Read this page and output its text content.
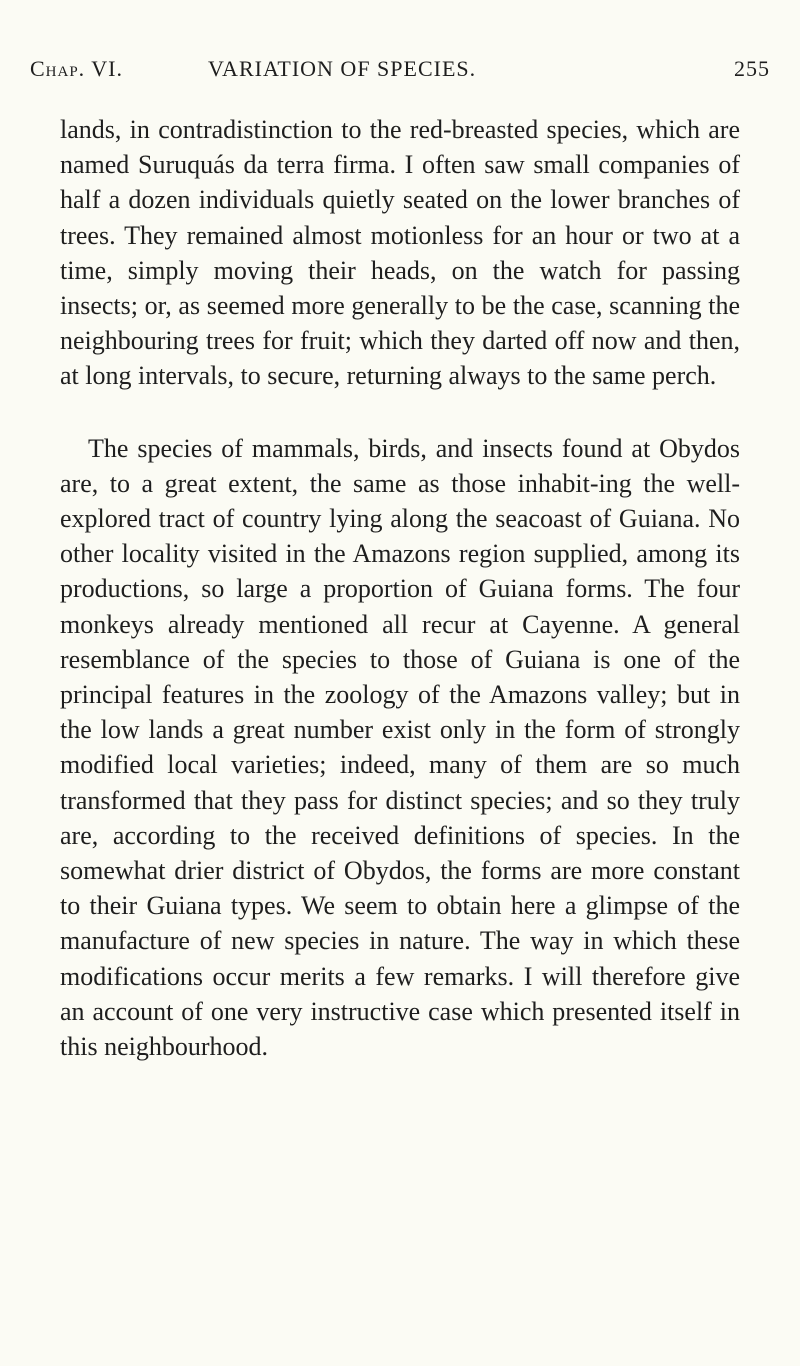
Chap. VI.	VARIATION OF SPECIES.	255

lands, in contradistinction to the red-breasted species, which are named Suruquás da terra firma. I often saw small companies of half a dozen individuals quietly seated on the lower branches of trees. They remained almost motionless for an hour or two at a time, simply moving their heads, on the watch for passing insects; or, as seemed more generally to be the case, scanning the neighbouring trees for fruit; which they darted off now and then, at long intervals, to secure, returning always to the same perch.

The species of mammals, birds, and insects found at Obydos are, to a great extent, the same as those inhabit-ing the well-explored tract of country lying along the seacoast of Guiana. No other locality visited in the Amazons region supplied, among its productions, so large a proportion of Guiana forms. The four monkeys already mentioned all recur at Cayenne. A general resemblance of the species to those of Guiana is one of the principal features in the zoology of the Amazons valley; but in the low lands a great number exist only in the form of strongly modified local varieties; indeed, many of them are so much transformed that they pass for distinct species; and so they truly are, according to the received definitions of species. In the somewhat drier district of Obydos, the forms are more constant to their Guiana types. We seem to obtain here a glimpse of the manufacture of new species in nature. The way in which these modifications occur merits a few remarks. I will therefore give an account of one very instructive case which presented itself in this neighbourhood.
